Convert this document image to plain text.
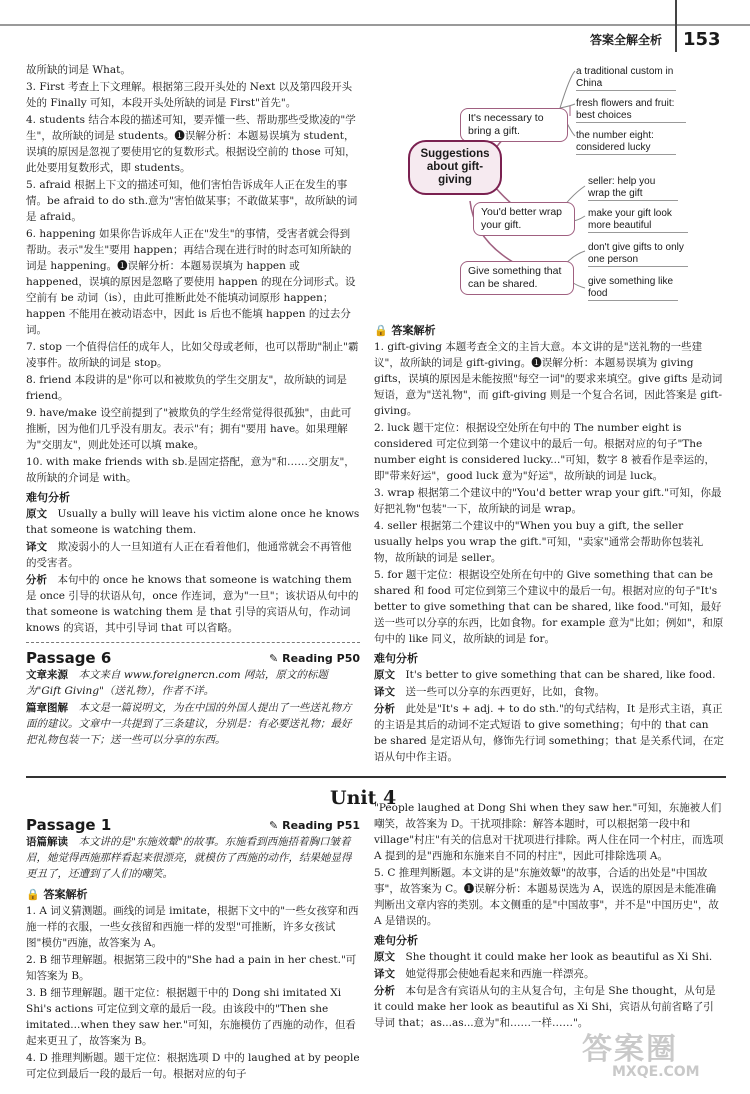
答案全解全析 153
故所缺的词是 What。
3. First 考查上下文理解。根据第三段开头处的 Next 以及第四段开头处的 Finally 可知，本段开头处所缺的词是 First"首先"。
4. students 结合本段的描述可知，要弄懂一些、帮助那些受欺凌的"学生"，故所缺的词是 students。❶误解分析：本题易误填为 student，误填的原因是忽视了要使用它的复数形式。根据设空前的 those 可知，此处要用复数形式，即 students。
5. afraid 根据上下文的描述可知，他们害怕告诉成年人正在发生的事情。be afraid to do sth.意为"害怕做某事；不敢做某事"，故所缺的词是 afraid。
6. happening 如果你告诉成年人正在"发生"的事情，受害者就会得到帮助。表示"发生"要用 happen；再结合现在进行时的时态可知所缺的词是 happening。❶误解分析：本题易误填为 happen 或 happened，误填的原因是忽略了要使用 happen 的现在分词形式。设空前有 be 动词（is），由此可推断此处不能填动词原形 happen；happen 不能用在被动语态中，因此 is 后也不能填 happen 的过去分词。
7. stop 一个值得信任的成年人，比如父母或老师，也可以帮助"制止"霸凌事件。故所缺的词是 stop。
8. friend 本段讲的是"你可以和被欺负的学生交朋友"，故所缺的词是 friend。
9. have/make 设空前提到了"被欺负的学生经常觉得很孤独"，由此可推断，因为他们几乎没有朋友。表示"有；拥有"要用 have。如果理解为"交朋友"，则此处还可以填 make。
10. with make friends with sb.是固定搭配，意为"和……交朋友"，故所缺的介词是 with。
难句分析
原文　 Usually a bully will leave his victim alone once he knows that someone is watching them.
译文　 欺凌弱小的人一旦知道有人正在看着他们，他通常就会不再管他的受害者。
分析　 本句中的 once he knows that someone is watching them 是 once 引导的状语从句，once 作连词，意为"一旦"；该状语从句中的 that someone is watching them 是 that 引导的宾语从句，作动词 knows 的宾语，其中引导词 that 可以省略。
Passage 6	✎ Reading P50
文章来源　 本文来自 www.foreignercn.com 网站，原文的标题为"Gift Giving"（送礼物），作者不详。
篇章图解　 本文是一篇说明文，为在中国的外国人提出了一些送礼物方面的建议。文章中一共提到了三条建议，分别是：有必要送礼物；最好把礼物包装一下；送一些可以分享的东西。
It's necessary to bring a gift.
Suggestions about gift-giving
You'd better wrap your gift.
Give something that can be shared.
a traditional custom in China
fresh flowers and fruit: best choices
the number eight: considered lucky
seller: help you wrap the gift
make your gift look more beautiful
don't give gifts to only one person
give something like food
🔒 答案解析
1. gift-giving 本题考查全文的主旨大意。本文讲的是"送礼物的一些建议"，故所缺的词是 gift-giving。❶误解分析：本题易误填为 giving gifts，误填的原因是未能按照"每空一词"的要求来填空。give gifts 是动词短语，意为"送礼物"，而 gift-giving 则是一个复合名词，因此答案是 gift-giving。
2. luck 题干定位：根据设空处所在句中的 The number eight is considered 可定位到第一个建议中的最后一句。根据对应的句子"The number eight is considered lucky..."可知，数字 8 被看作是幸运的，即"带来好运"，good luck 意为"好运"，故所缺的词是 luck。
3. wrap 根据第二个建议中的"You'd better wrap your gift."可知，你最好把礼物"包装"一下，故所缺的词是 wrap。
4. seller 根据第二个建议中的"When you buy a gift, the seller usually helps you wrap the gift."可知，"卖家"通常会帮助你包装礼物，故所缺的词是 seller。
5. for 题干定位：根据设空处所在句中的 Give something that can be shared 和 food 可定位到第三个建议中的最后一句。根据对应的句子"It's better to give something that can be shared, like food."可知，最好送一些可以分享的东西，比如食物。for example 意为"比如；例如"，和原句中的 like 同义，故所缺的词是 for。
难句分析
原文　 It's better to give something that can be shared, like food.
译文　 送一些可以分享的东西更好，比如，食物。
分析　 此处是"It's + adj. + to do sth."的句式结构，It 是形式主语，真正的主语是其后的动词不定式短语 to give something；句中的 that can be shared 是定语从句，修饰先行词 something；that 是关系代词，在定语从句中作主语。
Unit 4
Passage 1	✎ Reading P51
语篇解读　 本文讲的是"东施效颦"的故事。东施看到西施捂着胸口皱着眉，她觉得西施那样看起来很漂亮，就模仿了西施的动作，结果她显得更丑了，还遭到了人们的嘲笑。
🔒 答案解析
1. A 词义猜测题。画线的词是 imitate，根据下文中的"一些女孩穿和西施一样的衣服，一些女孩留和西施一样的发型"可推断，许多女孩试图"模仿"西施，故答案为 A。
2. B 细节理解题。根据第三段中的"She had a pain in her chest."可知答案为 B。
3. B 细节理解题。题干定位：根据题干中的 Dong shi imitated Xi Shi's actions 可定位到文章的最后一段。由该段中的"Then she imitated...when they saw her."可知，东施模仿了西施的动作，但看起来更丑了，故答案为 B。
4. D 推理判断题。题干定位：根据选项 D 中的 laughed at by people 可定位到最后一段的最后一句。根据对应的句子
"People laughed at Dong Shi when they saw her."可知，东施被人们嘲笑，故答案为 D。干扰项排除：解答本题时，可以根据第一段中和 village"村庄"有关的信息对干扰项进行排除。两人住在同一个村庄，而选项 A 提到的是"西施和东施来自不同的村庄"，因此可排除选项 A。
5. C 推理判断题。本文讲的是"东施效颦"的故事，合适的出处是"中国故事"，故答案为 C。❶误解分析：本题易误选为 A，误选的原因是未能准确判断出文章内容的类别。本文侧重的是"中国故事"，并不是"中国历史"，故 A 是错误的。
难句分析
原文　 She thought it could make her look as beautiful as Xi Shi.
译文　 她觉得那会使她看起来和西施一样漂亮。
分析　 本句是含有宾语从句的主从复合句，主句是 She thought，从句是 it could make her look as beautiful as Xi Shi，宾语从句前省略了引导词 that；as...as...意为"和……一样……"。
答案圈
MXQE.COM
